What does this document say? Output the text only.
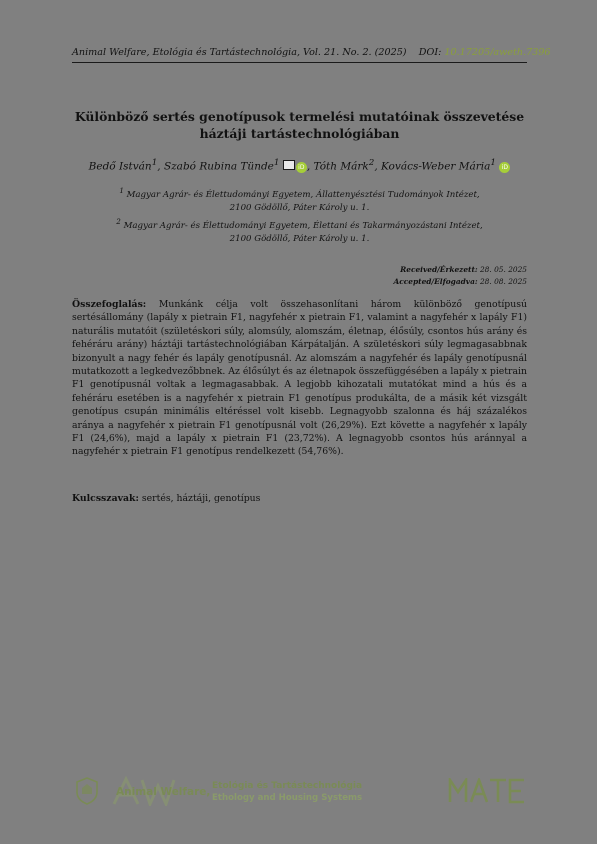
Animal Welfare, Etológia és Tartástechnológia, Vol. 21. No. 2. (2025) DOI: 10.17205/aweth.7396
Különböző sertés genotípusok termelési mutatóinak összevetése
háztáji tartástechnológiában
Bedő István$^1$, Szabó Rubina Tünde$^1$	iD , Tóth Márk$^2$, Kovács-Weber Mária$^1$ iD
$^1$ Magyar Agrár- és Élettudományi Egyetem, Állattenyésztési Tudományok Intézet,
2100 Gödöllő, Páter Károly u. 1.
$^2$ Magyar Agrár- és Élettudományi Egyetem, Élettani és Takarmányozástani Intézet,
2100 Gödöllő, Páter Károly u. 1.
Received/Érkezett: 28. 05. 2025
Accepted/Elfogadva: 28. 08. 2025
Összefoglalás: Munkánk célja volt összehasonlítani három különböző genotípusú sertésállomány (lapály x pietrain F1, nagyfehér x pietrain F1, valamint a nagyfehér x lapály F1) naturális mutatóit (születéskori súly, alomsúly, alomszám, életnap, élősúly, csontos hús arány és fehéráru arány) háztáji tartástechnológiában Kárpátalján. A születéskori súly legmagasabbnak bizonyult a nagy fehér és lapály genotípusnál. Az alomszám a nagyfehér és lapály genotípusnál mutatkozott a legkedvezőbbnek. Az élősúlyt és az életnapok összefüggésében a lapály x pietrain F1 genotípusnál voltak a legmagasabbak. A legjobb kihozatali mutatókat mind a hús és a fehéráru esetében is a nagyfehér x pietrain F1 genotípus produkálta, de a másik két vizsgált genotípus csupán minimális eltéréssel volt kisebb. Legnagyobb szalonna és háj százalékos aránya a nagyfehér x pietrain F1 genotípusnál volt (26,29%). Ezt követte a nagyfehér x lapály F1 (24,6%), majd a lapály x pietrain F1 (23,72%). A legnagyobb csontos hús aránnyal a nagyfehér x pietrain F1 genotípus rendelkezett (54,76%).
Kulcsszavak: sertés, háztáji, genotípus
Animal Welfare, Etológia és Tartástechnológia
Ethology and Housing Systems
